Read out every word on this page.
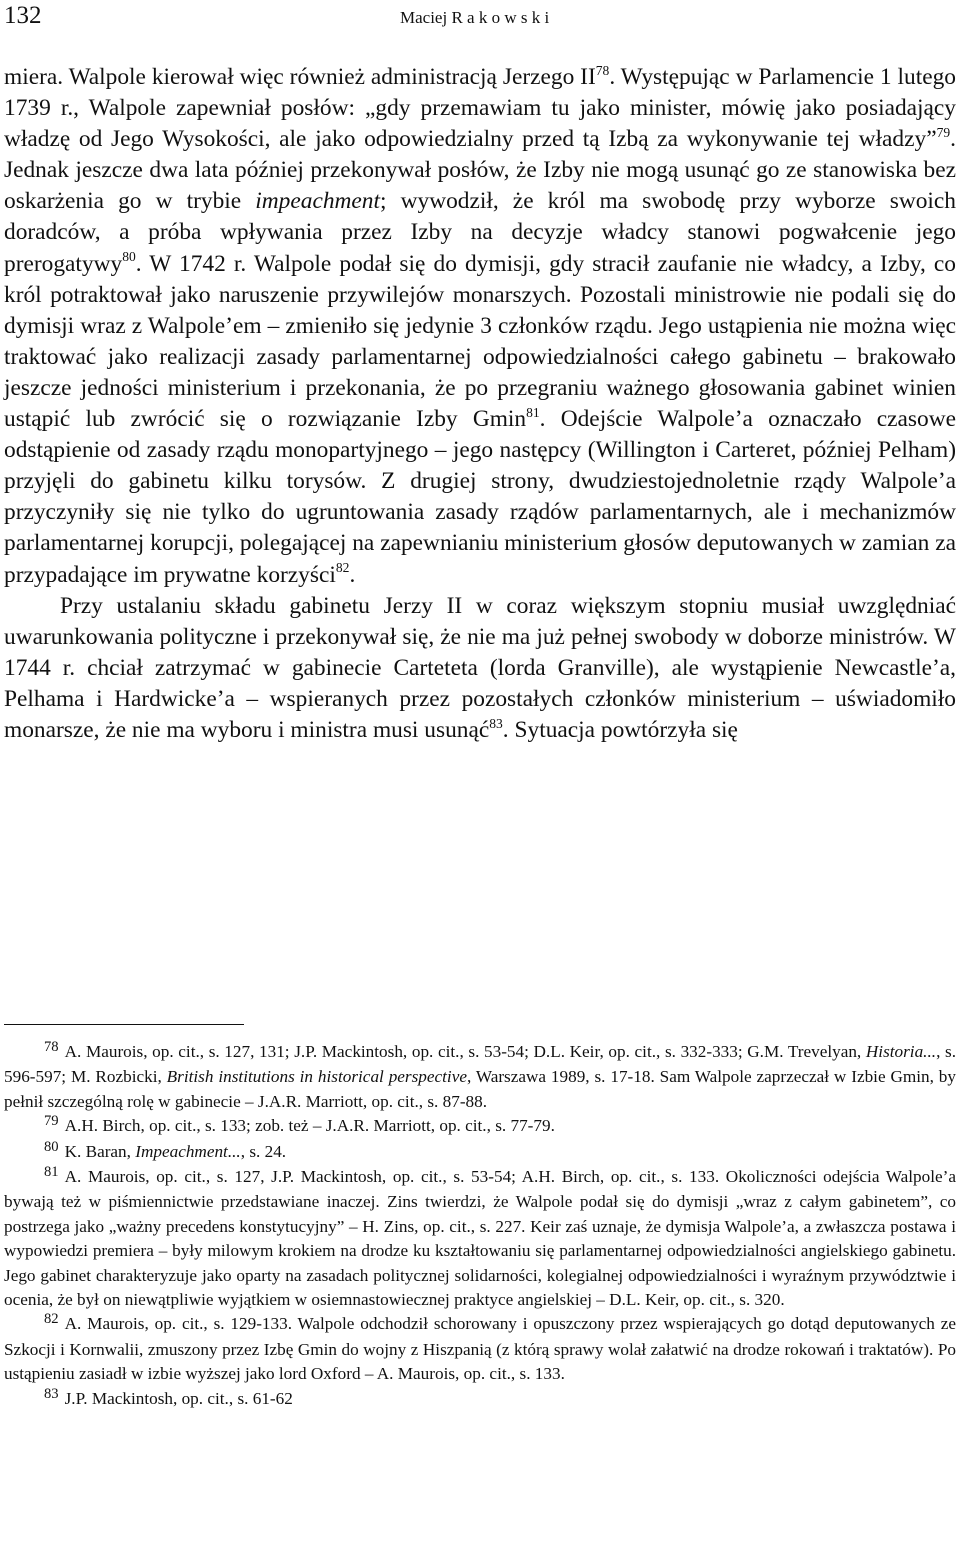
132	Maciej R a k o w s k i

miera. Walpole kierował więc również administracją Jerzego II$^{78}$. Występując w Parlamencie 1 lutego 1739 r., Walpole zapewniał posłów: „gdy przemawiam tu jako minister, mówię jako posiadający władzę od Jego Wysokości, ale jako odpowiedzialny przed tą Izbą za wykonywanie tej władzy”$^{79}$. Jednak jeszcze dwa lata później przekonywał posłów, że Izby nie mogą usunąć go ze stanowiska bez oskarżenia go w trybie impeachment; wywodził, że król ma swobodę przy wyborze swoich doradców, a próba wpływania przez Izby na decyzje władcy stanowi pogwałcenie jego prerogatywy$^{80}$. W 1742 r. Walpole podał się do dymisji, gdy stracił zaufanie nie władcy, a Izby, co król potraktował jako naruszenie przywilejów monarszych. Pozostali ministrowie nie podali się do dymisji wraz z Walpole’em – zmieniło się jedynie 3 członków rządu. Jego ustąpienia nie można więc traktować jako realizacji zasady parlamentarnej odpowiedzialności całego gabinetu – brakowało jeszcze jedności ministerium i przekonania, że po przegraniu ważnego głosowania gabinet winien ustąpić lub zwrócić się o rozwiązanie Izby Gmin$^{81}$. Odejście Walpole’a oznaczało czasowe odstąpienie od zasady rządu monopartyjnego – jego następcy (Willington i Carteret, później Pelham) przyjęli do gabinetu kilku torysów. Z drugiej strony, dwudziestojednoletnie rządy Walpole’a przyczyniły się nie tylko do ugruntowania zasady rządów parlamentarnych, ale i mechanizmów parlamentarnej korupcji, polegającej na zapewnianiu ministerium głosów deputowanych w zamian za przypadające im prywatne korzyści$^{82}$.

Przy ustalaniu składu gabinetu Jerzy II w coraz większym stopniu musiał uwzględniać uwarunkowania polityczne i przekonywał się, że nie ma już pełnej swobody w doborze ministrów. W 1744 r. chciał zatrzymać w gabinecie Carteteta (lorda Granville), ale wystąpienie Newcastle’a, Pelhama i Hardwicke’a – wspieranych przez pozostałych członków ministerium – uświadomiło monarsze, że nie ma wyboru i ministra musi usunąć$^{83}$. Sytuacja powtórzyła się

$^{78}$ A. Maurois, op. cit., s. 127, 131; J.P. Mackintosh, op. cit., s. 53-54; D.L. Keir, op. cit., s. 332-333; G.M. Trevelyan, Historia..., s. 596-597; M. Rozbicki, British institutions in historical perspective, Warszawa 1989, s. 17-18. Sam Walpole zaprzeczał w Izbie Gmin, by pełnił szczególną rolę w gabinecie – J.A.R. Marriott, op. cit., s. 87-88.

$^{79}$ A.H. Birch, op. cit., s. 133; zob. też – J.A.R. Marriott, op. cit., s. 77-79.

$^{80}$ K. Baran, Impeachment..., s. 24.

$^{81}$ A. Maurois, op. cit., s. 127, J.P. Mackintosh, op. cit., s. 53-54; A.H. Birch, op. cit., s. 133. Okoliczności odejścia Walpole’a bywają też w piśmiennictwie przedstawiane inaczej. Zins twierdzi, że Walpole podał się do dymisji „wraz z całym gabinetem”, co postrzega jako „ważny precedens konstytucyjny” – H. Zins, op. cit., s. 227. Keir zaś uznaje, że dymisja Walpole’a, a zwłaszcza postawa i wypowiedzi premiera – były milowym krokiem na drodze ku kształtowaniu się parlamentarnej odpowiedzialności angielskiego gabinetu. Jego gabinet charakteryzuje jako oparty na zasadach politycznej solidarności, kolegialnej odpowiedzialności i wyraźnym przywództwie i ocenia, że był on niewątpliwie wyjątkiem w osiemnastowiecznej praktyce angielskiej – D.L. Keir, op. cit., s. 320.

$^{82}$ A. Maurois, op. cit., s. 129-133. Walpole odchodził schorowany i opuszczony przez wspierających go dotąd deputowanych ze Szkocji i Kornwalii, zmuszony przez Izbę Gmin do wojny z Hiszpanią (z którą sprawy wolał załatwić na drodze rokowań i traktatów). Po ustąpieniu zasiadł w izbie wyższej jako lord Oxford – A. Maurois, op. cit., s. 133.

$^{83}$ J.P. Mackintosh, op. cit., s. 61-62
